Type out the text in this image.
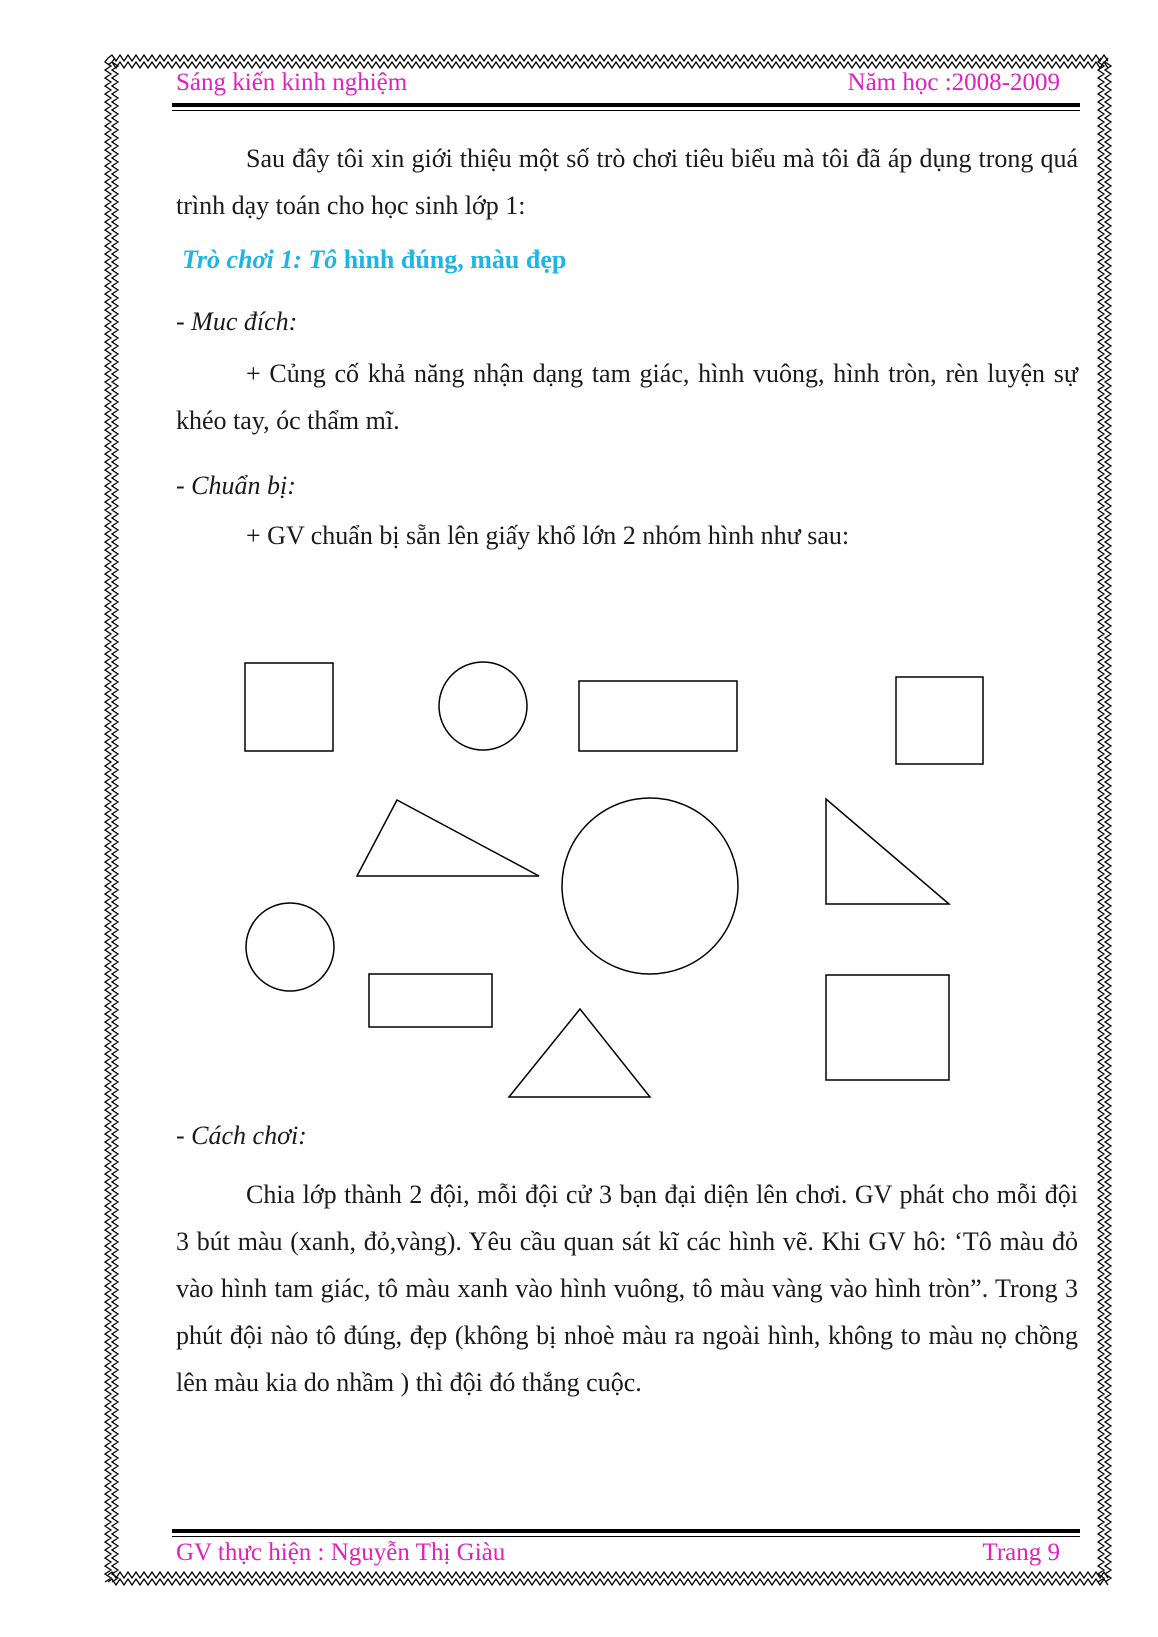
Sáng kiến kinh nghiệm	Năm học :2008-2009

Sau đây tôi xin giới thiệu một số trò chơi tiêu biểu mà tôi đã áp dụng trong quá trình dạy toán cho học sinh lớp 1:

Trò chơi 1: Tô hình đúng, màu đẹp
- Muc đích:

+ Củng cố khả năng nhận dạng tam giác, hình vuông, hình tròn, rèn luyện sự khéo tay, óc thẩm mĩ.

- Chuẩn bị:

+ GV chuẩn bị sẵn lên giấy khổ lớn 2 nhóm hình như sau:

- Cách chơi:

Chia lớp thành 2 đội, mỗi đội cử 3 bạn đại diện lên chơi. GV phát cho mỗi đội 3 bút màu (xanh, đỏ,vàng). Yêu cầu quan sát kĩ các hình vẽ. Khi GV hô: ‘Tô màu đỏ vào hình tam giác, tô màu xanh vào hình vuông, tô màu vàng vào hình tròn”. Trong 3 phút đội nào tô đúng, đẹp (không bị nhoè màu ra ngoài hình, không to màu nọ chồng lên màu kia do nhầm ) thì đội đó thắng cuộc.

GV thực hiện : Nguyễn Thị Giàu	Trang 9
